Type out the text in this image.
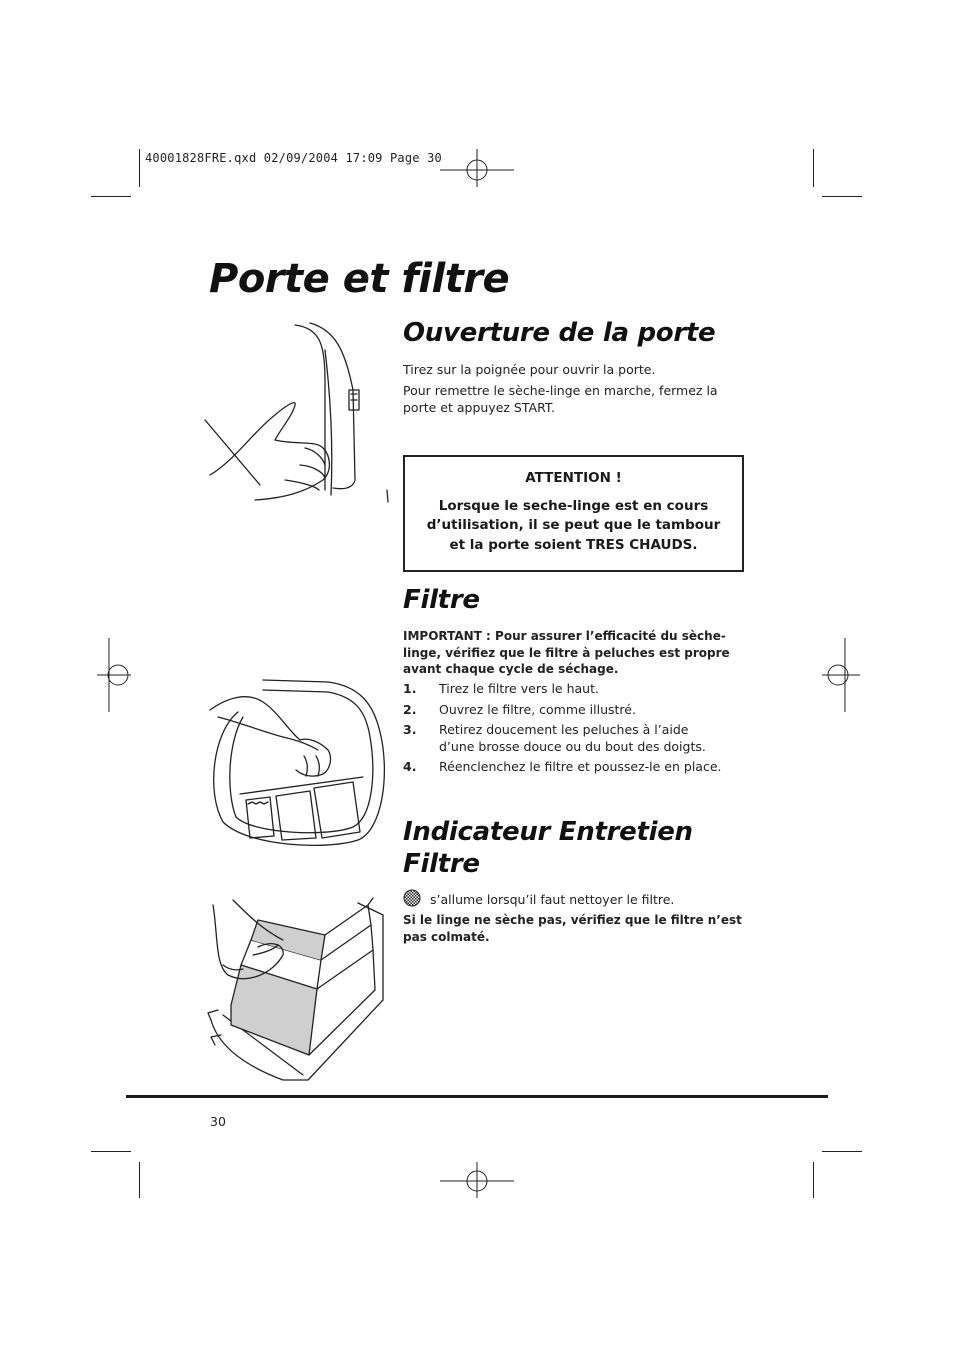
40001828FRE.qxd 02/09/2004 17:09 Page 30
Porte et filtre
Ouverture de la porte
Tirez sur la poignée pour ouvrir la porte.
Pour remettre le sèche-linge en marche, fermez la porte et appuyez START.
ATTENTION !
Lorsque le seche-linge est en cours d’utilisation, il se peut que le tambour et la porte soient TRES CHAUDS.
Filtre
IMPORTANT : Pour assurer l’efficacité du sèche-linge, vérifiez que le filtre à peluches est propre avant chaque cycle de séchage.
1. Tirez le filtre vers le haut.
2. Ouvrez le filtre, comme illustré.
3. Retirez doucement les peluches à l’aide d’une brosse douce ou du bout des doigts.
4. Réenclenchez le filtre et poussez-le en place.
Indicateur Entretien
Filtre
s’allume lorsqu’il faut nettoyer le filtre.
Si le linge ne sèche pas, vérifiez que le filtre n’est pas colmaté.
30
